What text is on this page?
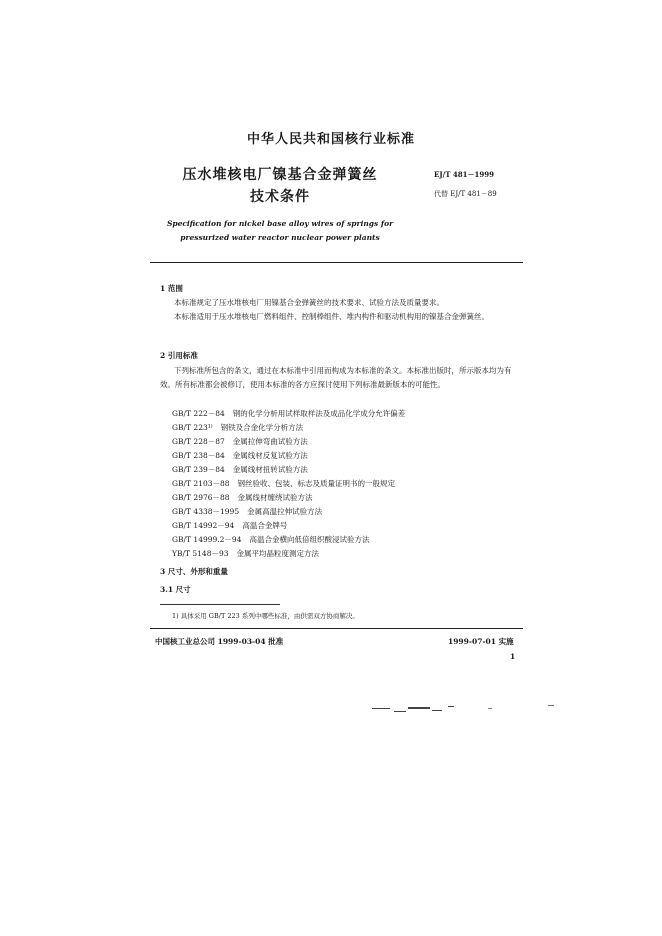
中华人民共和国核行业标准
压水堆核电厂镍基合金弹簧丝
技术条件
EJ/T 481－1999
代替 EJ/T 481－89
Specification for nickel base alloy wires of springs for
pressurized water reactor nuclear power plants
1 范围
本标准规定了压水堆核电厂用镍基合金弹簧丝的技术要求、试验方法及质量要求。
本标准适用于压水堆核电厂燃料组件、控制棒组件、堆内构件和驱动机构用的镍基合金弹簧丝。
2 引用标准
下列标准所包含的条文，通过在本标准中引用而构成为本标准的条文。本标准出版时，所示版本均为有效。所有标准都会被修订，使用本标准的各方应探讨使用下列标准最新版本的可能性。
GB/T 222－84 钢的化学分析用试样取样法及成品化学成分允许偏差
GB/T 223¹⁾ 钢铁及合金化学分析方法
GB/T 228－87 金属拉伸弯曲试验方法
GB/T 238－84 金属线材反复试验方法
GB/T 239－84 金属线材扭转试验方法
GB/T 2103－88 钢丝验收、包装、标志及质量证明书的一般规定
GB/T 2976－88 金属线材缠绕试验方法
GB/T 4338－1995 金属高温拉伸试验方法
GB/T 14992－94 高温合金牌号
GB/T 14999.2－94 高温合金横向低倍组织酸浸试验方法
YB/T 5148－93 金属平均晶粒度测定方法
3 尺寸、外形和重量
3.1 尺寸
1) 具体采用 GB/T 223 系列中哪些标准，由供需双方协商解决。
中国核工业总公司 1999-03-04 批准	1999-07-01 实施
1
